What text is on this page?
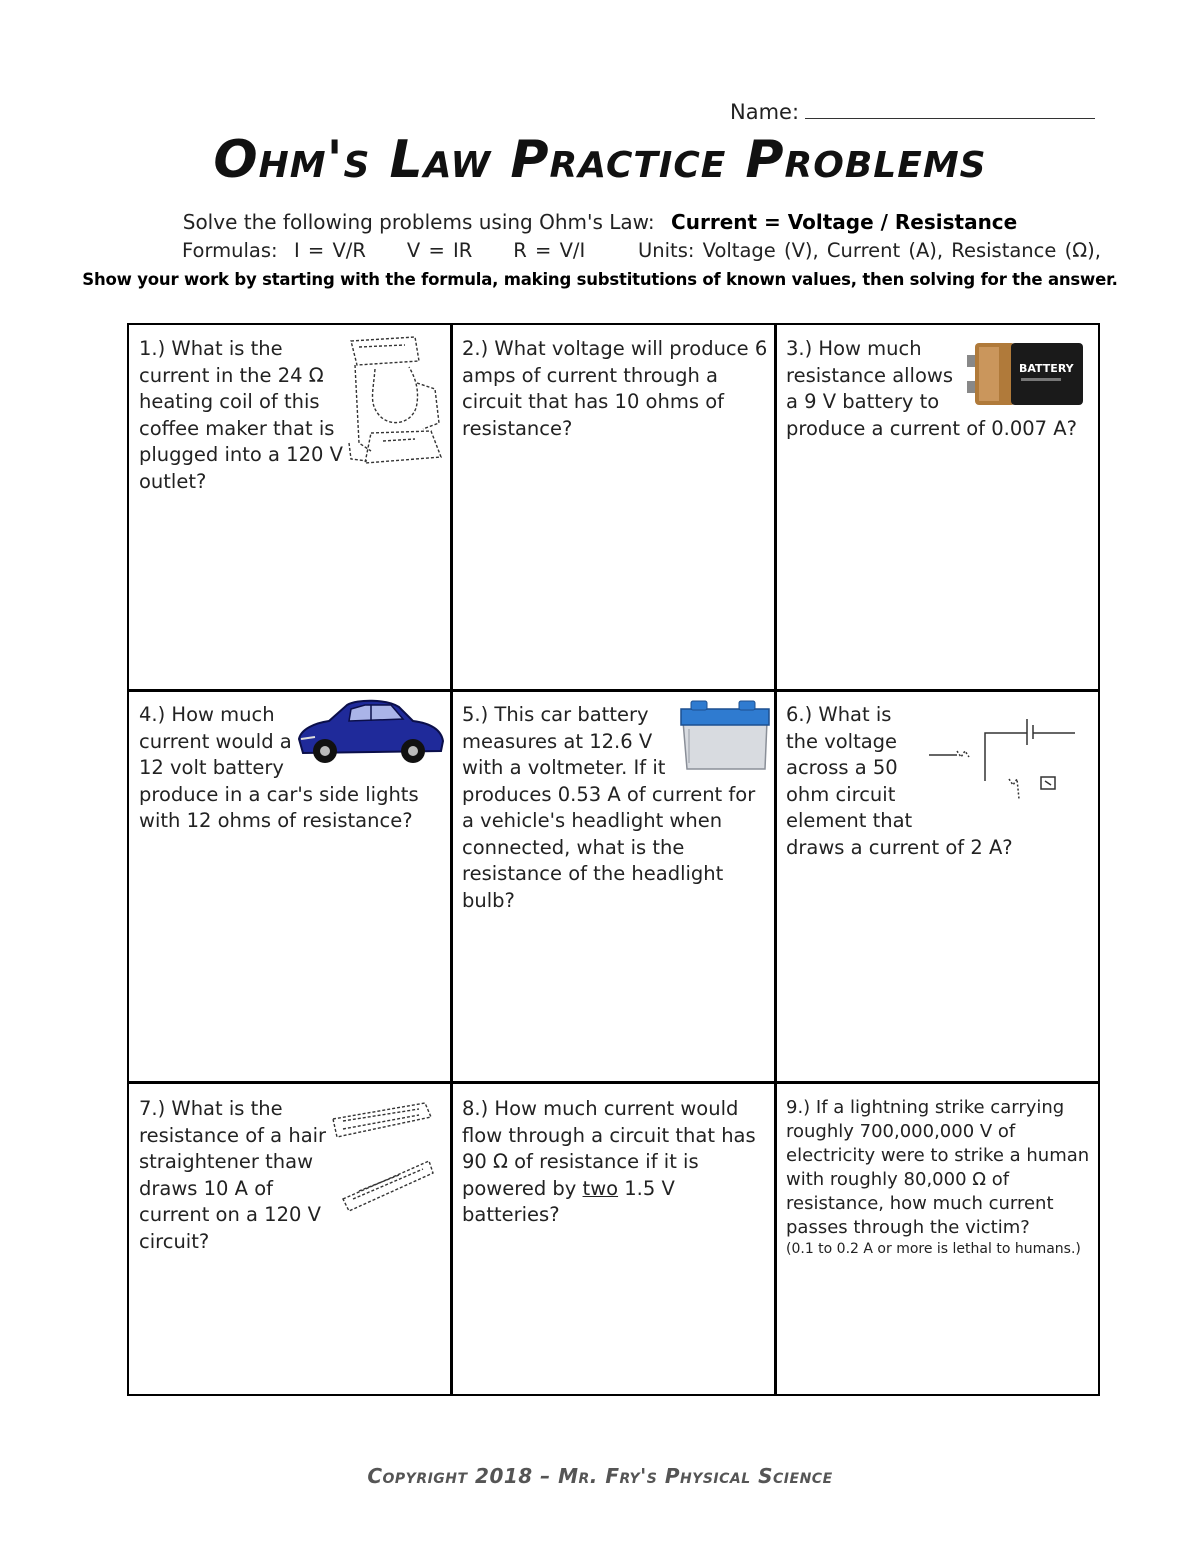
Name:
Ohm's Law Practice Problems
Solve the following problems using Ohm's Law: Current = Voltage / Resistance
Formulas:  I = V/R     V = IR     R = V/I	Units: Voltage (V), Current (A), Resistance (Ω),
Show your work by starting with the formula, making substitutions of known values, then solving for the answer.

1.) What is the

current in the 24 Ω

heating coil of this

coffee maker that is

plugged into a 120 V

outlet?

2.) What voltage will produce 6

amps of current through a

circuit that has 10 ohms of

resistance?

3.) How much

resistance allows

a 9 V battery to

produce a current of 0.007 A?

BATTERY

4.) How much

current would a

12 volt battery

produce in a car's side lights

with 12 ohms of resistance?

5.) This car battery

measures at 12.6 V

with a voltmeter. If it

produces 0.53 A of current for

a vehicle's headlight when

connected, what is the

resistance of the headlight

bulb?

6.) What is

the voltage

across a 50

ohm circuit

element that

draws a current of 2 A?

7.) What is the

resistance of a hair

straightener thaw

draws 10 A of

current on a 120 V

circuit?

8.) How much current would

flow through a circuit that has

90 Ω of resistance if it is

powered by two 1.5 V

batteries?

9.) If a lightning strike carrying

roughly 700,000,000 V of

electricity were to strike a human

with roughly 80,000 Ω of

resistance, how much current

passes through the victim?

(0.1 to 0.2 A or more is lethal to humans.)

Copyright 2018 – Mr. Fry's Physical Science
